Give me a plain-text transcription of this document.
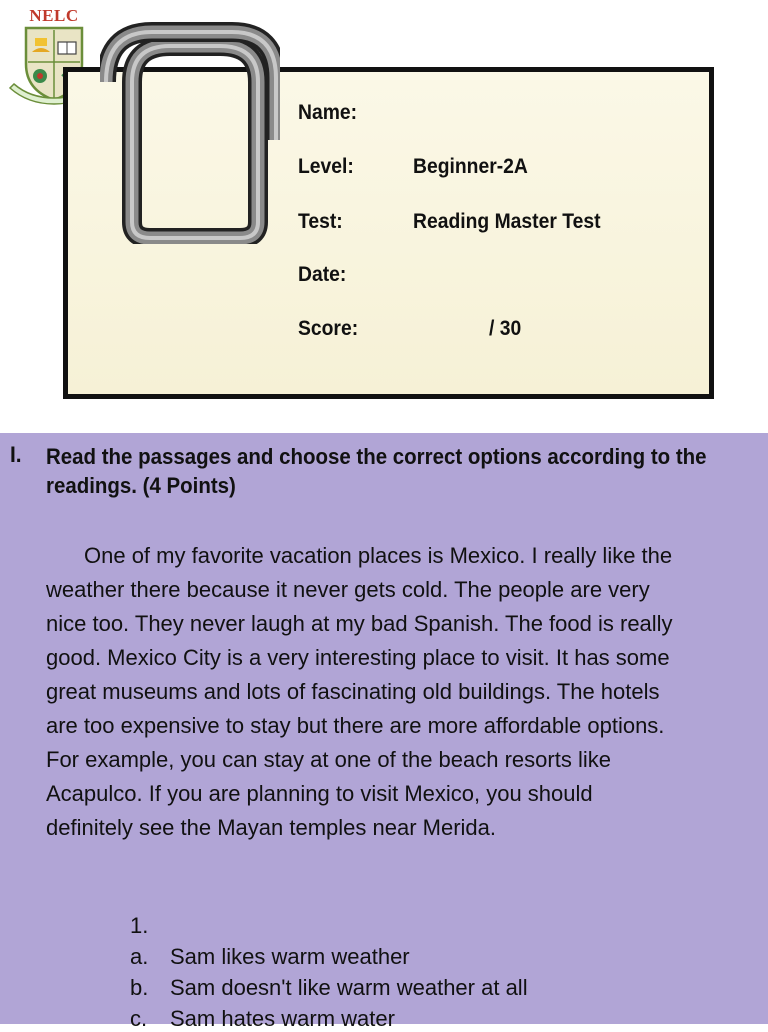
NELC
Name:
Level:	Beginner-2A
Test:	Reading Master Test
Date:
Score:	/ 30
I. Read the passages and choose the correct options according to the readings. (4 Points)
One of my favorite vacation places is Mexico. I really like the
weather there because it never gets cold. The people are very
nice too. They never laugh at my bad Spanish. The food is really
good. Mexico City is a very interesting place to visit. It has some
great museums and lots of fascinating old buildings. The hotels
are too expensive to stay but there are more affordable options.
For example, you can stay at one of the beach resorts like
Acapulco. If you are planning to visit Mexico, you should
definitely see the Mayan temples near Merida.
1.
a. Sam likes warm weather
b. Sam doesn't like warm weather at all
c. Sam hates warm water
